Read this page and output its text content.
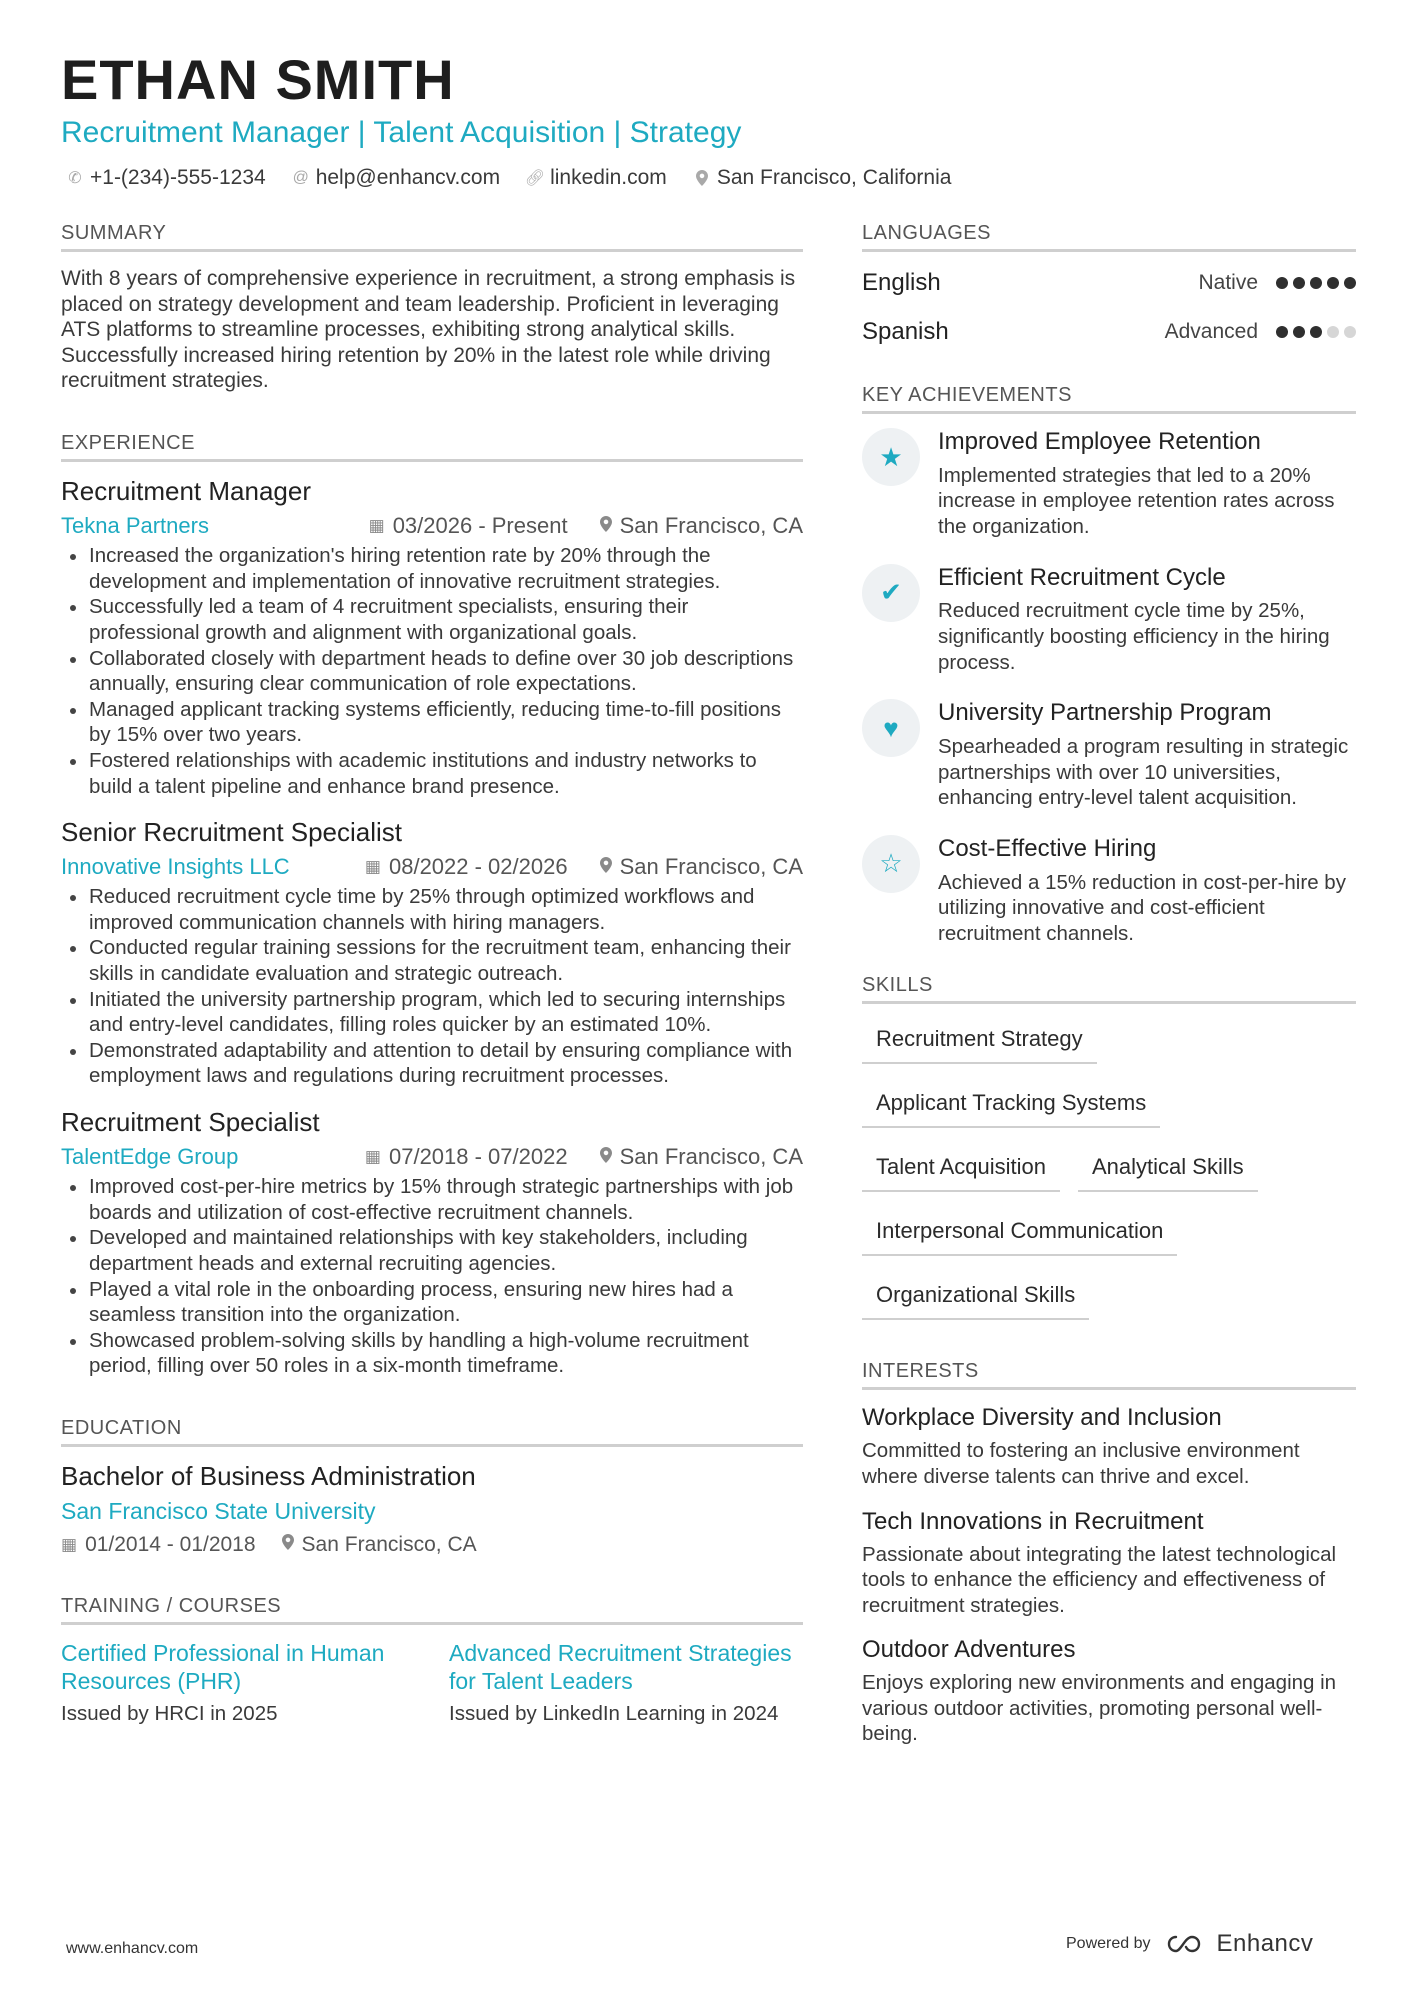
ETHAN SMITH
Recruitment Manager | Talent Acquisition | Strategy
✆ +1-(234)-555-1234 @ help@enhancv.com 🔗︎ linkedin.com San Francisco, California
SUMMARY
With 8 years of comprehensive experience in recruitment, a strong emphasis is placed on strategy development and team leadership. Proficient in leveraging ATS platforms to streamline processes, exhibiting strong analytical skills. Successfully increased hiring retention by 20% in the latest role while driving recruitment strategies.
EXPERIENCE
Recruitment Manager
Tekna Partners	▦ 03/2026 - Present San Francisco, CA
Increased the organization's hiring retention rate by 20% through the development and implementation of innovative recruitment strategies.
Successfully led a team of 4 recruitment specialists, ensuring their professional growth and alignment with organizational goals.
Collaborated closely with department heads to define over 30 job descriptions annually, ensuring clear communication of role expectations.
Managed applicant tracking systems efficiently, reducing time-to-fill positions by 15% over two years.
Fostered relationships with academic institutions and industry networks to build a talent pipeline and enhance brand presence.
Senior Recruitment Specialist
Innovative Insights LLC	▦ 08/2022 - 02/2026 San Francisco, CA
Reduced recruitment cycle time by 25% through optimized workflows and improved communication channels with hiring managers.
Conducted regular training sessions for the recruitment team, enhancing their skills in candidate evaluation and strategic outreach.
Initiated the university partnership program, which led to securing internships and entry-level candidates, filling roles quicker by an estimated 10%.
Demonstrated adaptability and attention to detail by ensuring compliance with employment laws and regulations during recruitment processes.
Recruitment Specialist
TalentEdge Group	▦ 07/2018 - 07/2022 San Francisco, CA
Improved cost-per-hire metrics by 15% through strategic partnerships with job boards and utilization of cost-effective recruitment channels.
Developed and maintained relationships with key stakeholders, including department heads and external recruiting agencies.
Played a vital role in the onboarding process, ensuring new hires had a seamless transition into the organization.
Showcased problem-solving skills by handling a high-volume recruitment period, filling over 50 roles in a six-month timeframe.
EDUCATION
Bachelor of Business Administration
San Francisco State University
▦ 01/2014 - 01/2018 San Francisco, CA
TRAINING / COURSES
Certified Professional in Human Resources (PHR)
Issued by HRCI in 2025
Advanced Recruitment Strategies for Talent Leaders
Issued by LinkedIn Learning in 2024
LANGUAGES
English	Native
Spanish	Advanced
KEY ACHIEVEMENTS
★	Improved Employee Retention
Implemented strategies that led to a 20% increase in employee retention rates across the organization.
✔	Efficient Recruitment Cycle
Reduced recruitment cycle time by 25%, significantly boosting efficiency in the hiring process.
♥	University Partnership Program
Spearheaded a program resulting in strategic partnerships with over 10 universities, enhancing entry-level talent acquisition.
☆	Cost-Effective Hiring
Achieved a 15% reduction in cost-per-hire by utilizing innovative and cost-efficient recruitment channels.
SKILLS
Recruitment Strategy
Applicant Tracking Systems
Talent Acquisition	Analytical Skills
Interpersonal Communication
Organizational Skills
INTERESTS
Workplace Diversity and Inclusion
Committed to fostering an inclusive environment where diverse talents can thrive and excel.
Tech Innovations in Recruitment
Passionate about integrating the latest technological tools to enhance the efficiency and effectiveness of recruitment strategies.
Outdoor Adventures
Enjoys exploring new environments and engaging in various outdoor activities, promoting personal well-being.
www.enhancv.com	Powered by	Enhancv
